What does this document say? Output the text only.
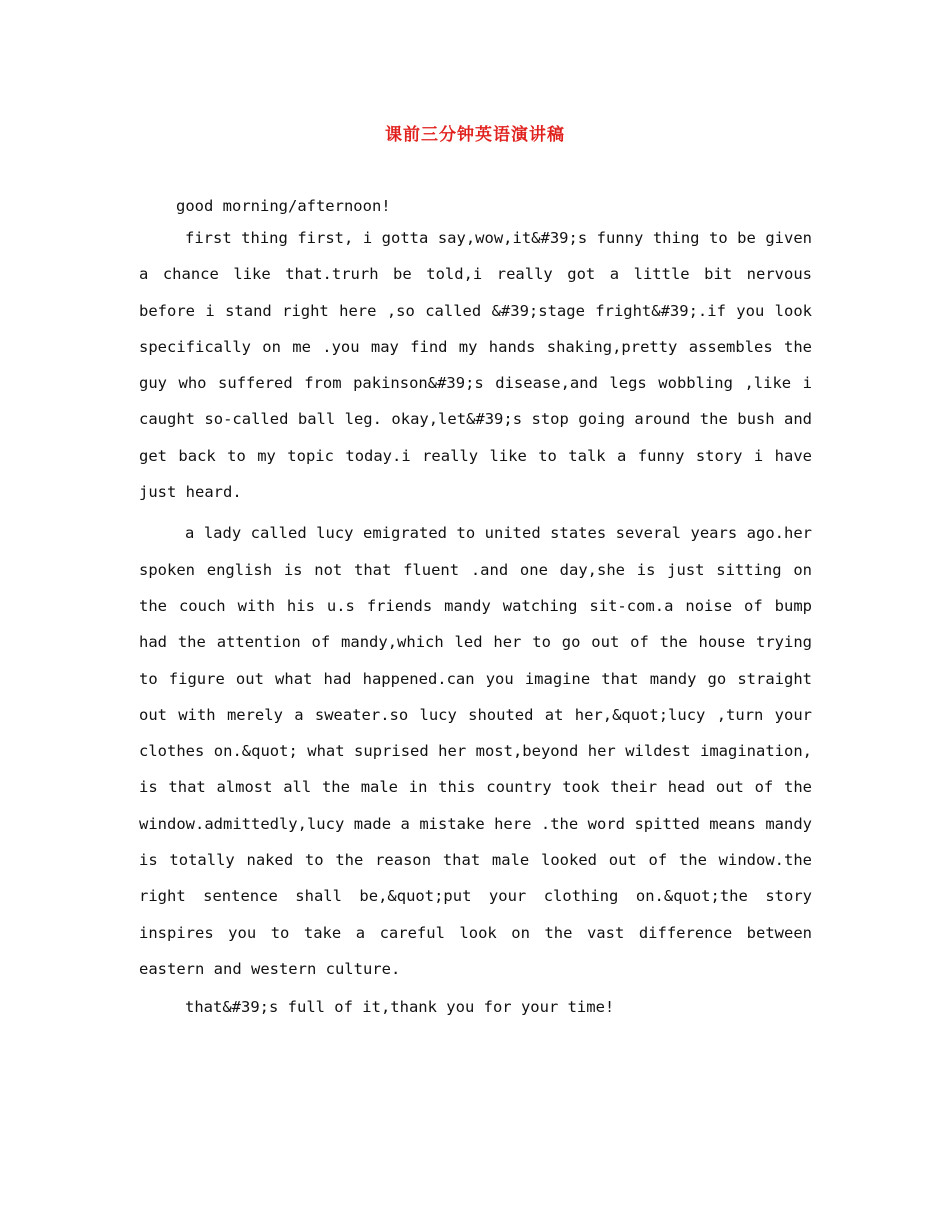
课前三分钟英语演讲稿

good morning/afternoon!

first thing first, i gotta say,wow,it&#39;s funny thing to be given a chance like that.trurh be told,i really got a little bit nervous before i stand right here ,so called &#39;stage fright&#39;.if you look specifically on me .you may find my hands shaking,pretty assembles the guy who suffered from pakinson&#39;s disease,and legs wobbling ,like i caught so-called ball leg. okay,let&#39;s stop going around the bush and get back to my topic today.i really like to talk a funny story i have just heard.

a lady called lucy emigrated to united states several years ago.her spoken english is not that fluent .and one day,she is just sitting on the couch with his u.s friends mandy watching sit-com.a noise of bump had the attention of mandy,which led her to go out of the house trying to figure out what had happened.can you imagine that mandy go straight out with merely a sweater.so lucy shouted at her,&quot;lucy ,turn your clothes on.&quot; what suprised her most,beyond her wildest imagination, is that almost all the male in this country took their head out of the window.admittedly,lucy made a mistake here .the word spitted means mandy is totally naked to the reason that male looked out of the window.the right sentence shall be,&quot;put your clothing on.&quot;the story inspires you to take a careful look on the vast difference between eastern and western culture.

that&#39;s full of it,thank you for your time!
